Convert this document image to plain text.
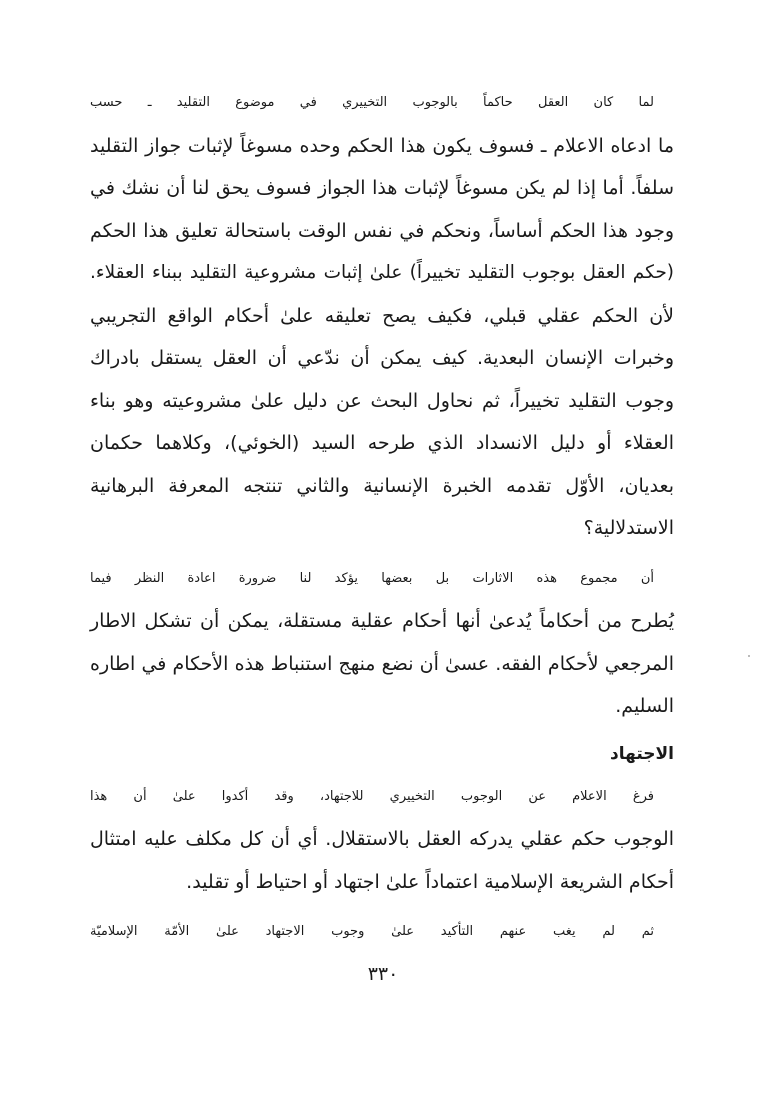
لما كان العقل حاكماً بالوجوب التخييري في موضوع التقليد ـ حسب
ما ادعاه الاعلام ـ فسوف يكون هذا الحكم وحده مسوغاً لإثبات جواز التقليد
سلفاً. أما إذا لم يكن مسوغاً لإثبات هذا الجواز فسوف يحق لنا أن نشك في
وجود هذا الحكم أساساً، ونحكم في نفس الوقت باستحالة تعليق هذا الحكم
(حكم العقل بوجوب التقليد تخييراً) علىٰ إثبات مشروعية التقليد ببناء العقلاء.
لأن الحكم عقلي قبلي، فكيف يصح تعليقه علىٰ أحكام الواقع التجريبي
وخبرات الإنسان البعدية. كيف يمكن أن ندّعي أن العقل يستقل بادراك
وجوب التقليد تخييراً، ثم نحاول البحث عن دليل علىٰ مشروعيته وهو بناء
العقلاء أو دليل الانسداد الذي طرحه السيد (الخوئي)، وكلاهما حكمان
بعديان، الأوّل تقدمه الخبرة الإنسانية والثاني تنتجه المعرفة البرهانية
الاستدلالية؟

أن مجموع هذه الاثارات بل بعضها يؤكد لنا ضرورة اعادة النظر فيما
يُطرح من أحكاماً يُدعىٰ أنها أحكام عقلية مستقلة، يمكن أن تشكل الاطار
المرجعي لأحكام الفقه. عسىٰ أن نضع منهج استنباط هذه الأحكام في اطاره
السليم.

الاجتهاد

فرغ الاعلام عن الوجوب التخييري للاجتهاد، وقد أكدوا علىٰ أن هذا
الوجوب حكم عقلي يدركه العقل بالاستقلال. أي أن كل مكلف عليه امتثال
أحكام الشريعة الإسلامية اعتماداً علىٰ اجتهاد أو احتياط أو تقليد.

ثم لم يغب عنهم التأكيد علىٰ وجوب الاجتهاد علىٰ الأمّة الإسلاميّة

٣٣٠
